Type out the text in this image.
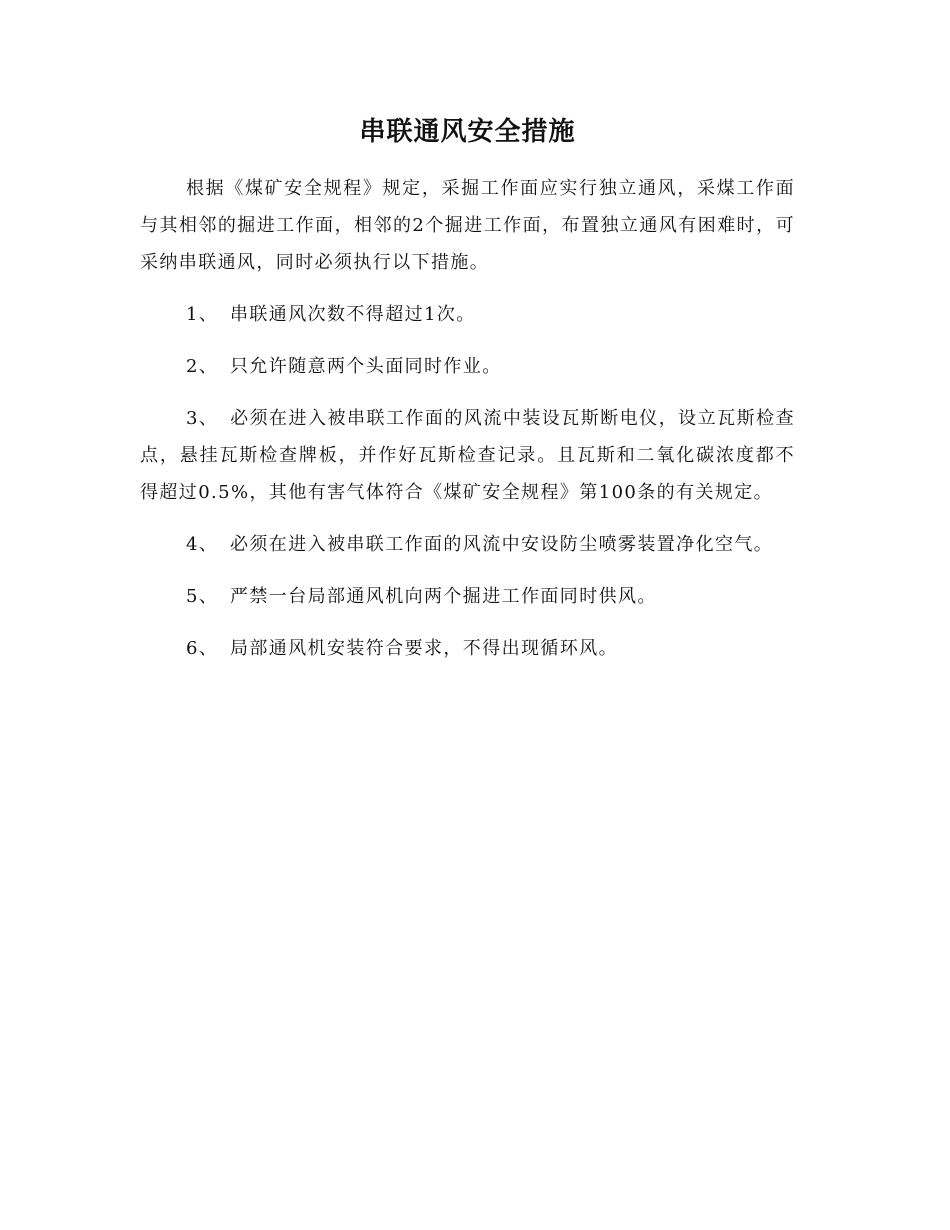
串联通风安全措施

根据《煤矿安全规程》规定，采掘工作面应实行独立通风，采煤工作面与其相邻的掘进工作面，相邻的2个掘进工作面，布置独立通风有困难时，可采纳串联通风，同时必须执行以下措施。

1、 串联通风次数不得超过1次。
2、 只允许随意两个头面同时作业。
3、 必须在进入被串联工作面的风流中装设瓦斯断电仪，设立瓦斯检查点，悬挂瓦斯检查牌板，并作好瓦斯检查记录。且瓦斯和二氧化碳浓度都不得超过0.5%，其他有害气体符合《煤矿安全规程》第100条的有关规定。
4、 必须在进入被串联工作面的风流中安设防尘喷雾装置净化空气。
5、 严禁一台局部通风机向两个掘进工作面同时供风。
6、 局部通风机安装符合要求，不得出现循环风。
